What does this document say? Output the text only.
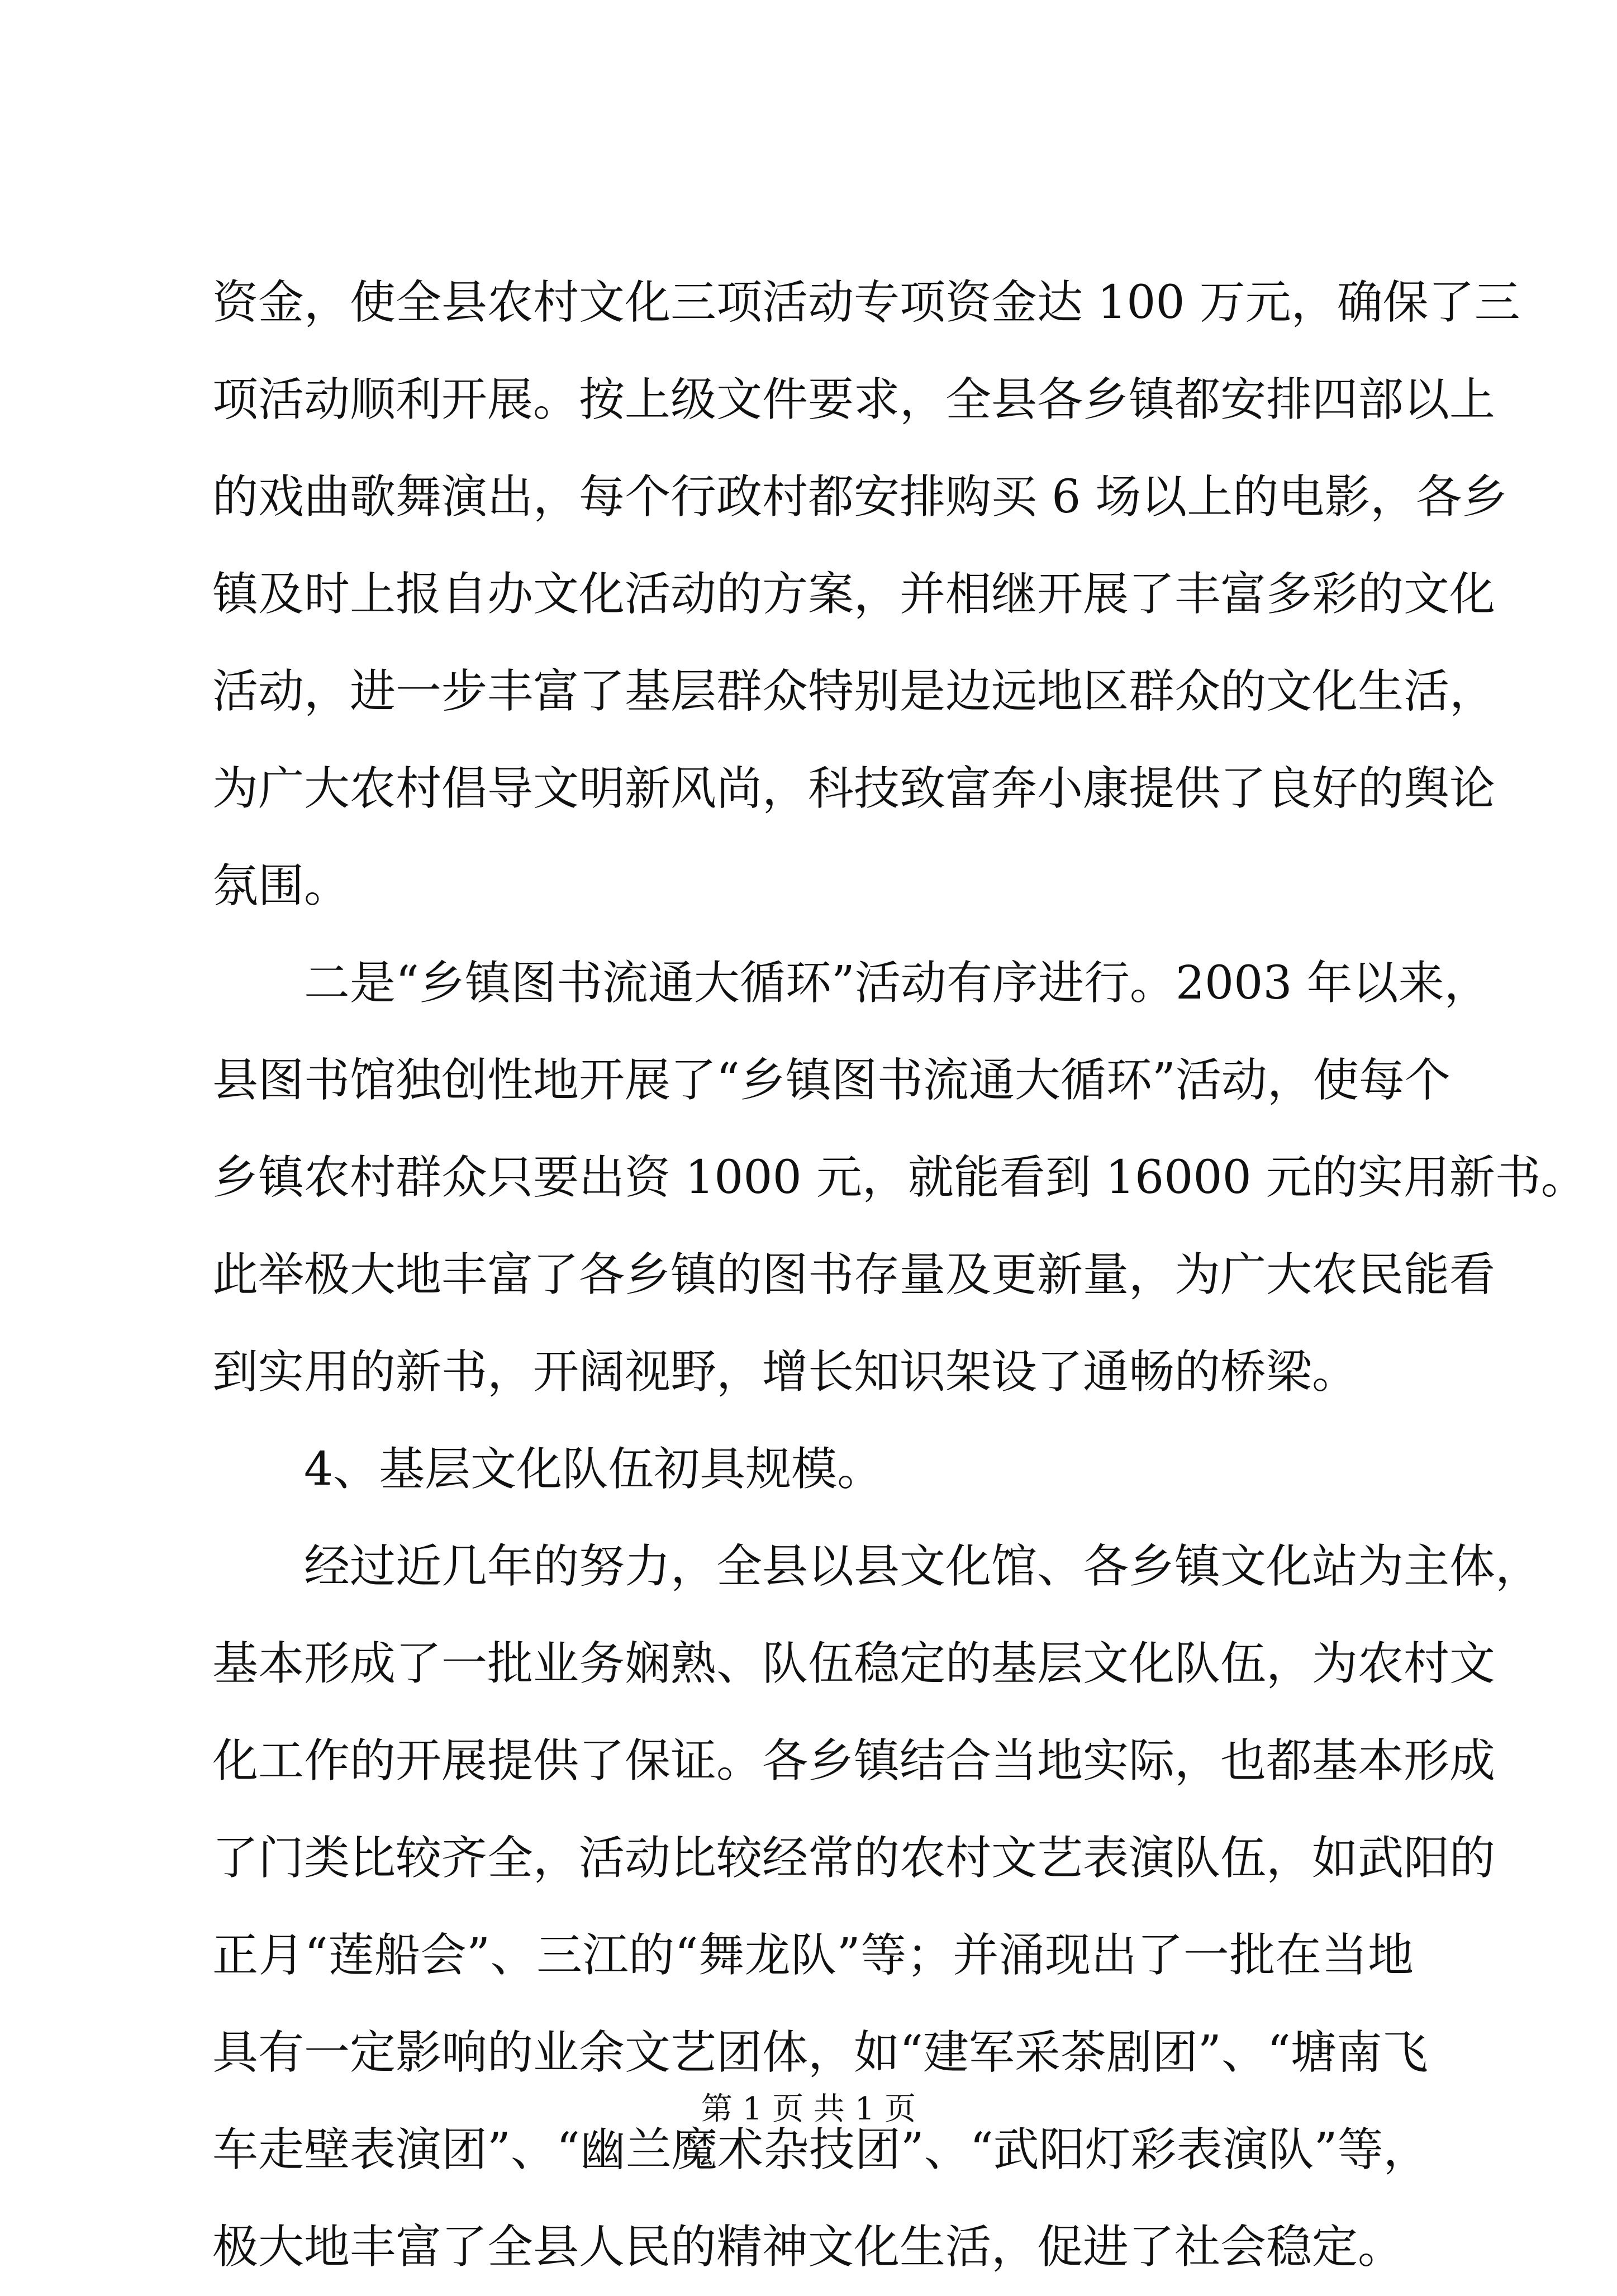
资金，使全县农村文化三项活动专项资金达 100 万元，确保了三
项活动顺利开展。按上级文件要求，全县各乡镇都安排四部以上
的戏曲歌舞演出，每个行政村都安排购买 6 场以上的电影，各乡
镇及时上报自办文化活动的方案，并相继开展了丰富多彩的文化
活动，进一步丰富了基层群众特别是边远地区群众的文化生活，
为广大农村倡导文明新风尚，科技致富奔小康提供了良好的舆论
氛围。
二是“乡镇图书流通大循环”活动有序进行。2003 年以来，
县图书馆独创性地开展了“乡镇图书流通大循环”活动，使每个
乡镇农村群众只要出资 1000 元，就能看到 16000 元的实用新书。
此举极大地丰富了各乡镇的图书存量及更新量，为广大农民能看
到实用的新书，开阔视野，增长知识架设了通畅的桥梁。
4、基层文化队伍初具规模。
经过近几年的努力，全县以县文化馆、各乡镇文化站为主体，
基本形成了一批业务娴熟、队伍稳定的基层文化队伍，为农村文
化工作的开展提供了保证。各乡镇结合当地实际，也都基本形成
了门类比较齐全，活动比较经常的农村文艺表演队伍，如武阳的
正月“莲船会”、三江的“舞龙队”等；并涌现出了一批在当地
具有一定影响的业余文艺团体，如“建军采茶剧团”、“塘南飞
车走壁表演团”、“幽兰魔术杂技团”、“武阳灯彩表演队”等，
极大地丰富了全县人民的精神文化生活，促进了社会稳定。
第 1 页 共 1 页
